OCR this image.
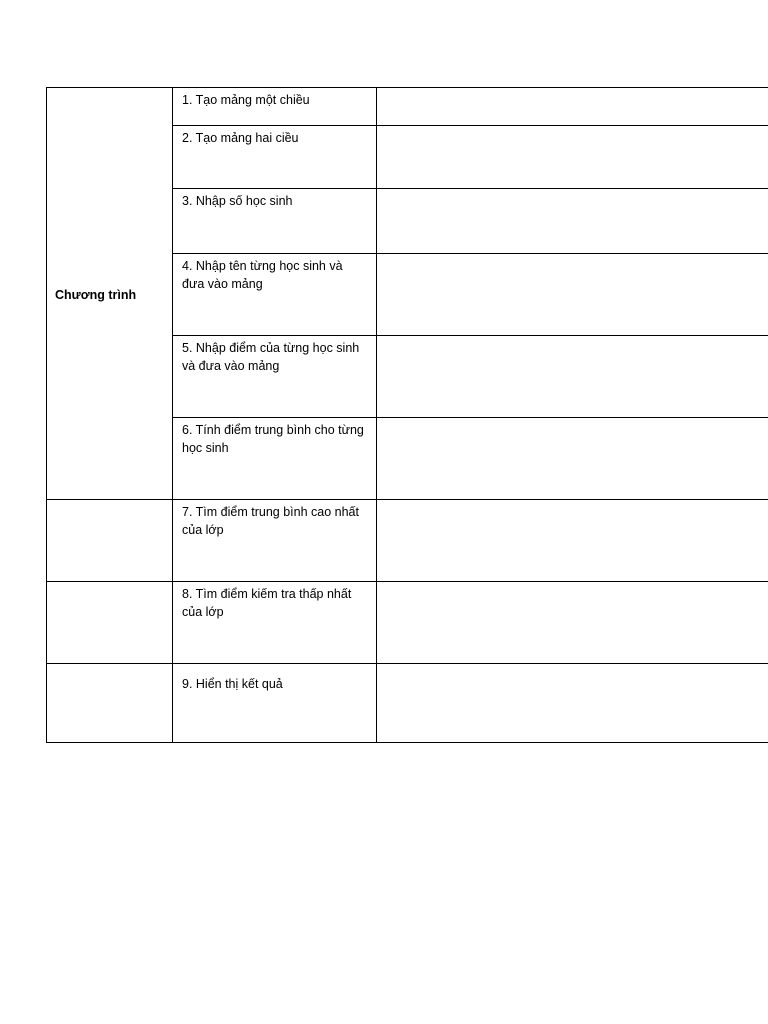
Chương trình	1. Tạo mảng một chiều	
	2. Tạo mảng hai ciều	
	3. Nhập số học sinh	
	4. Nhập tên từng học sinh và đưa vào mảng	
	5. Nhập điểm của từng học sinh và đưa vào mảng	
	6. Tính điểm trung bình cho từng học sinh	
	7. Tìm điểm trung bình cao nhất của lớp	
	8. Tìm điểm kiếm tra thấp nhất của lớp	
	9. Hiển thị kết quả	
